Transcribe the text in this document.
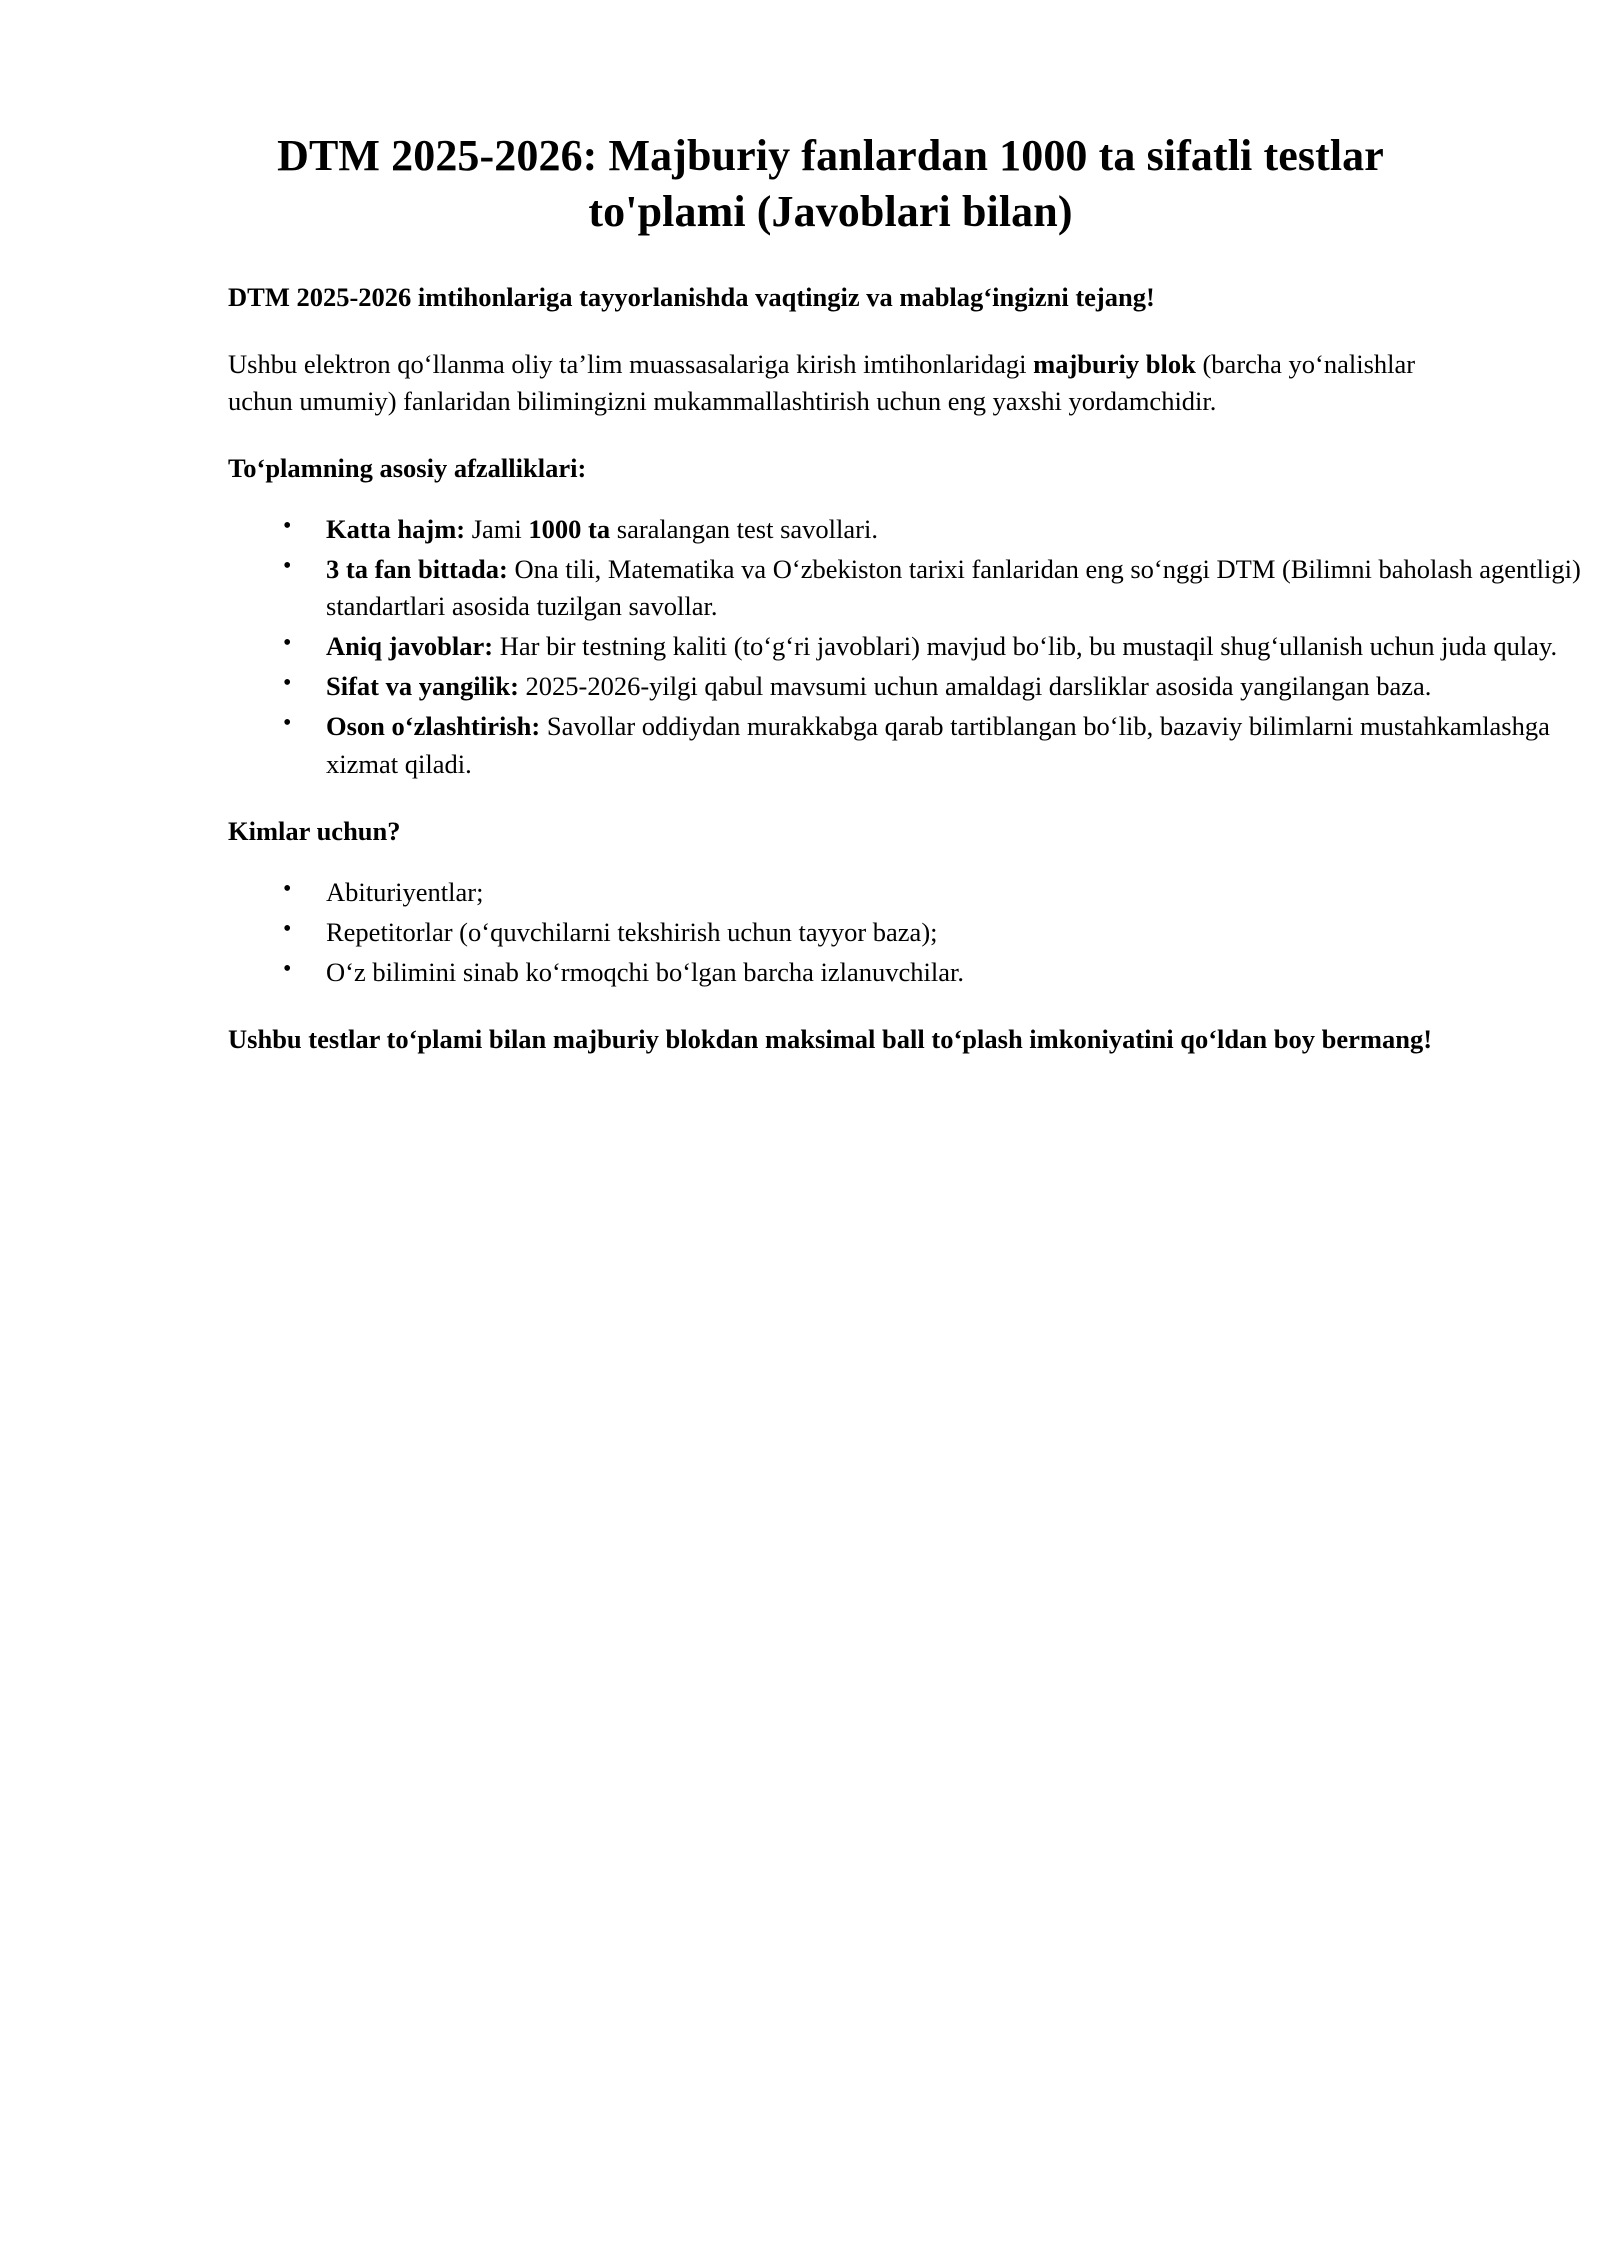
DTM 2025-2026: Majburiy fanlardan 1000 ta sifatli testlar to'plami (Javoblari bilan)

DTM 2025-2026 imtihonlariga tayyorlanishda vaqtingiz va mablagʻingizni tejang!

Ushbu elektron qoʻllanma oliy taʼlim muassasalariga kirish imtihonlaridagi majburiy blok (barcha yoʻnalishlar uchun umumiy) fanlaridan bilimingizni mukammallashtirish uchun eng yaxshi yordamchidir.

Toʻplamning asosiy afzalliklari:
• Katta hajm: Jami 1000 ta saralangan test savollari.
• 3 ta fan bittada: Ona tili, Matematika va Oʻzbekiston tarixi fanlaridan eng soʻnggi DTM (Bilimni baholash agentligi) standartlari asosida tuzilgan savollar.
• Aniq javoblar: Har bir testning kaliti (toʻgʻri javoblari) mavjud boʻlib, bu mustaqil shugʻullanish uchun juda qulay.
• Sifat va yangilik: 2025-2026-yilgi qabul mavsumi uchun amaldagi darsliklar asosida yangilangan baza.
• Oson oʻzlashtirish: Savollar oddiydan murakkabga qarab tartiblangan boʻlib, bazaviy bilimlarni mustahkamlashga xizmat qiladi.
Kimlar uchun?
• Abituriyentlar;
• Repetitorlar (oʻquvchilarni tekshirish uchun tayyor baza);
• Oʻz bilimini sinab koʻrmoqchi boʻlgan barcha izlanuvchilar.

Ushbu testlar toʻplami bilan majburiy blokdan maksimal ball toʻplash imkoniyatini qoʻldan boy bermang!
